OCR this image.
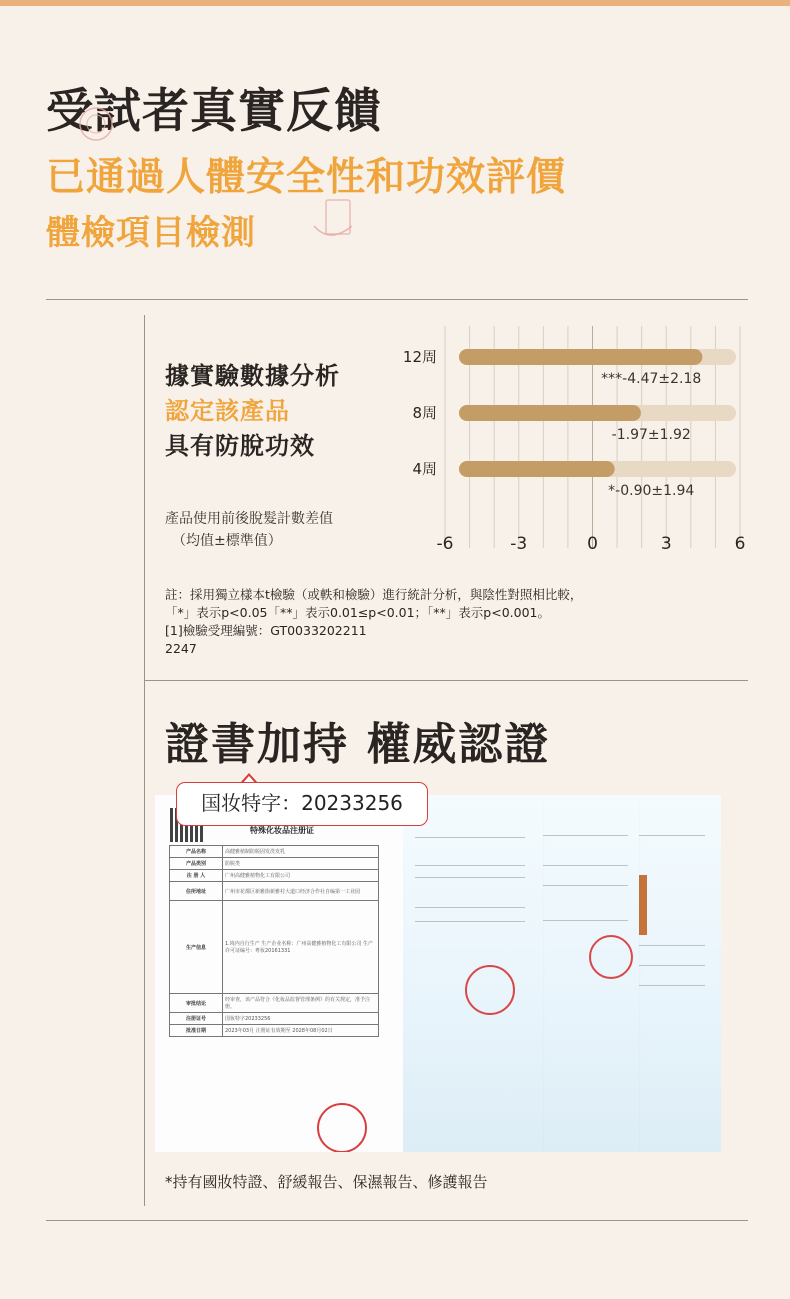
受試者真實反饋
已通過人體安全性和功效評價
體檢項目檢測
據實驗數據分析
認定該產品
具有防脫功效
產品使用前後脫髮計數差值
（均值±標準值）
12周
***-4.47±2.18
8周
-1.97±1.92
4周
*-0.90±1.94
-6	-3	0	3	6
註：採用獨立樣本t檢驗（或軼和檢驗）進行統計分析，與陰性對照相比較，
「*」表示p<0.05「**」表示0.01≤p<0.01；「**」表示p<0.001。
[1]檢驗受理編號：GT0033202211
2247
證書加持 權威認證
特殊化妆品注册证
产品名称	高健雅植制防脱固发洗发乳
产品类别	防脱类
注 册 人	广州高健雅植物化工有限公司
住所地址	广州市花都区新雅街新雅村大道口经济合作社自编第一工业园
生产信息	1.境内自行生产 生产企业名称：广州高健雅植物化工有限公司 生产许可证编号：粤妆20161331
审批结论	经审查，该产品符合《化妆品监督管理条例》的有关规定，准予注册。
注册证号	国妆特字20233256
批准日期	2023年03月 注册证有效期至 2028年08月02日
国妆特字：20233256
*持有國妝特證、舒緩報告、保濕報告、修護報告
